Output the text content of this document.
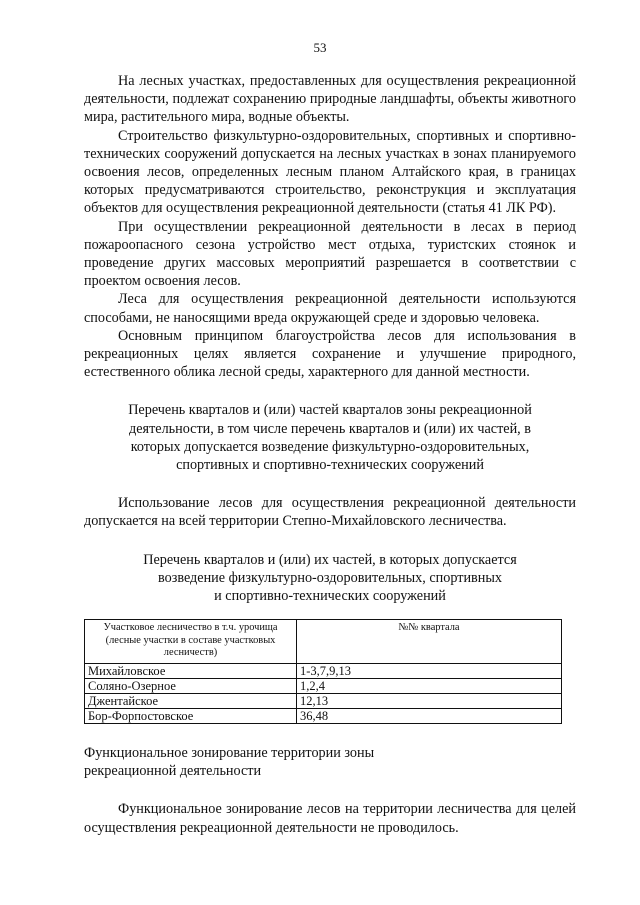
53

На лесных участках, предоставленных для осуществления рекреационной деятельности, подлежат сохранению природные ландшафты, объекты животного мира, растительного мира, водные объекты.

Строительство физкультурно-оздоровительных, спортивных и спортивно-технических сооружений допускается на лесных участках в зонах планируемого освоения лесов, определенных лесным планом Алтайского края, в границах которых предусматриваются строительство, реконструкция и эксплуатация объектов для осуществления рекреационной деятельности (статья 41 ЛК РФ).

При осуществлении рекреационной деятельности в лесах в период пожароопасного сезона устройство мест отдыха, туристских стоянок и проведение других массовых мероприятий разрешается в соответствии с проектом освоения лесов.

Леса для осуществления рекреационной деятельности используются способами, не наносящими вреда окружающей среде и здоровью человека.

Основным принципом благоустройства лесов для использования в рекреационных целях является сохранение и улучшение природного, естественного облика лесной среды, характерного для данной местности.

Перечень кварталов и (или) частей кварталов зоны рекреационной

деятельности, в том числе перечень кварталов и (или) их частей, в

которых допускается возведение физкультурно-оздоровительных,

спортивных и спортивно-технических сооружений

Использование лесов для осуществления рекреационной деятельности допускается на всей территории Степно-Михайловского лесничества.

Перечень кварталов и (или) их частей, в которых допускается

возведение физкультурно-оздоровительных, спортивных

и спортивно-технических сооружений

Участковое лесничество в т.ч. урочища (лесные участки в составе участковых лесничеств)	№№ квартала
Михайловское	1-3,7,9,13
Соляно-Озерное	1,2,4
Джентайское	12,13
Бор-Форпостовское	36,48

Функциональное зонирование территории зоны

рекреационной деятельности

Функциональное зонирование лесов на территории лесничества для целей осуществления рекреационной деятельности не проводилось.
